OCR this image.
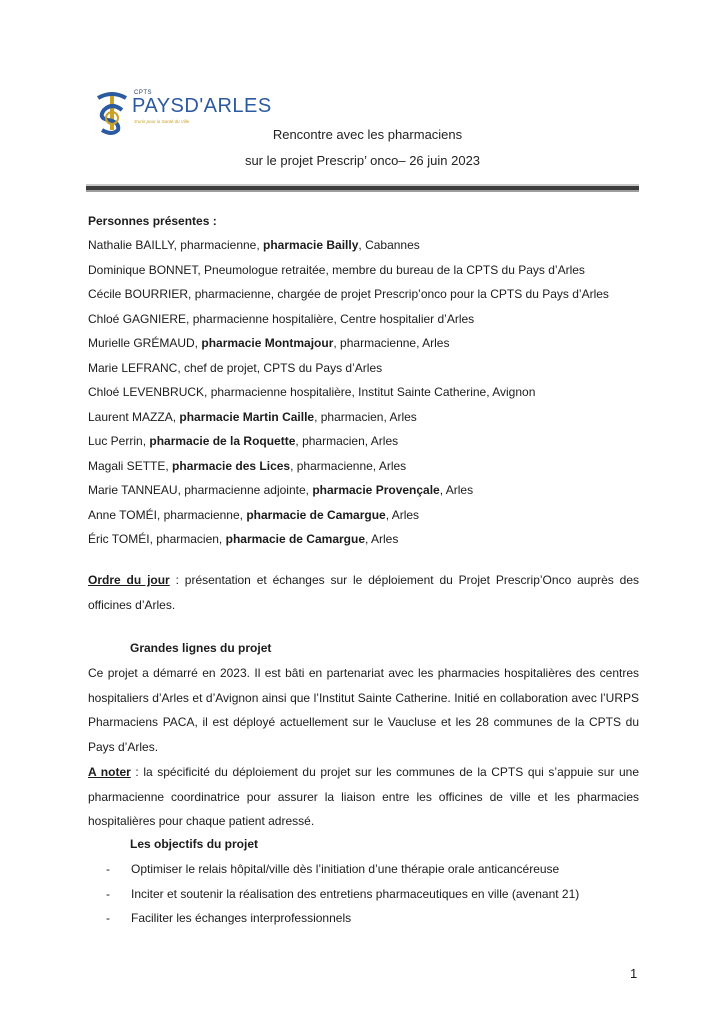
CPTS
PAYSD'ARLES
S'unir pour la Santé du Ville
Rencontre avec les pharmaciens
sur le projet Prescrip’ onco– 26 juin 2023
Personnes présentes :
Nathalie BAILLY, pharmacienne, pharmacie Bailly, Cabannes
Dominique BONNET, Pneumologue retraitée, membre du bureau de la CPTS du Pays d’Arles
Cécile BOURRIER, pharmacienne, chargée de projet Prescrip’onco pour la CPTS du Pays d’Arles
Chloé GAGNIERE, pharmacienne hospitalière, Centre hospitalier d’Arles
Murielle GRÉMAUD, pharmacie Montmajour, pharmacienne, Arles
Marie LEFRANC, chef de projet, CPTS du Pays d’Arles
Chloé LEVENBRUCK, pharmacienne hospitalière, Institut Sainte Catherine, Avignon
Laurent MAZZA, pharmacie Martin Caille, pharmacien, Arles
Luc Perrin, pharmacie de la Roquette, pharmacien, Arles
Magali SETTE, pharmacie des Lices, pharmacienne, Arles
Marie TANNEAU, pharmacienne adjointe, pharmacie Provençale, Arles
Anne TOMÉI, pharmacienne, pharmacie de Camargue, Arles
Éric TOMÉI, pharmacien, pharmacie de Camargue, Arles
Ordre du jour : présentation et échanges sur le déploiement du Projet Prescrip’Onco auprès des officines d’Arles.
Grandes lignes du projet
Ce projet a démarré en 2023. Il est bâti en partenariat avec les pharmacies hospitalières des centres hospitaliers d’Arles et d’Avignon ainsi que l’Institut Sainte Catherine. Initié en collaboration avec l’URPS Pharmaciens PACA, il est déployé actuellement sur le Vaucluse et les 28 communes de la CPTS du Pays d’Arles.
A noter : la spécificité du déploiement du projet sur les communes de la CPTS qui s’appuie sur une pharmacienne coordinatrice pour assurer la liaison entre les officines de ville et les pharmacies hospitalières pour chaque patient adressé.
Les objectifs du projet
- Optimiser le relais hôpital/ville dès l’initiation d’une thérapie orale anticancéreuse
- Inciter et soutenir la réalisation des entretiens pharmaceutiques en ville (avenant 21)
- Faciliter les échanges interprofessionnels
1
